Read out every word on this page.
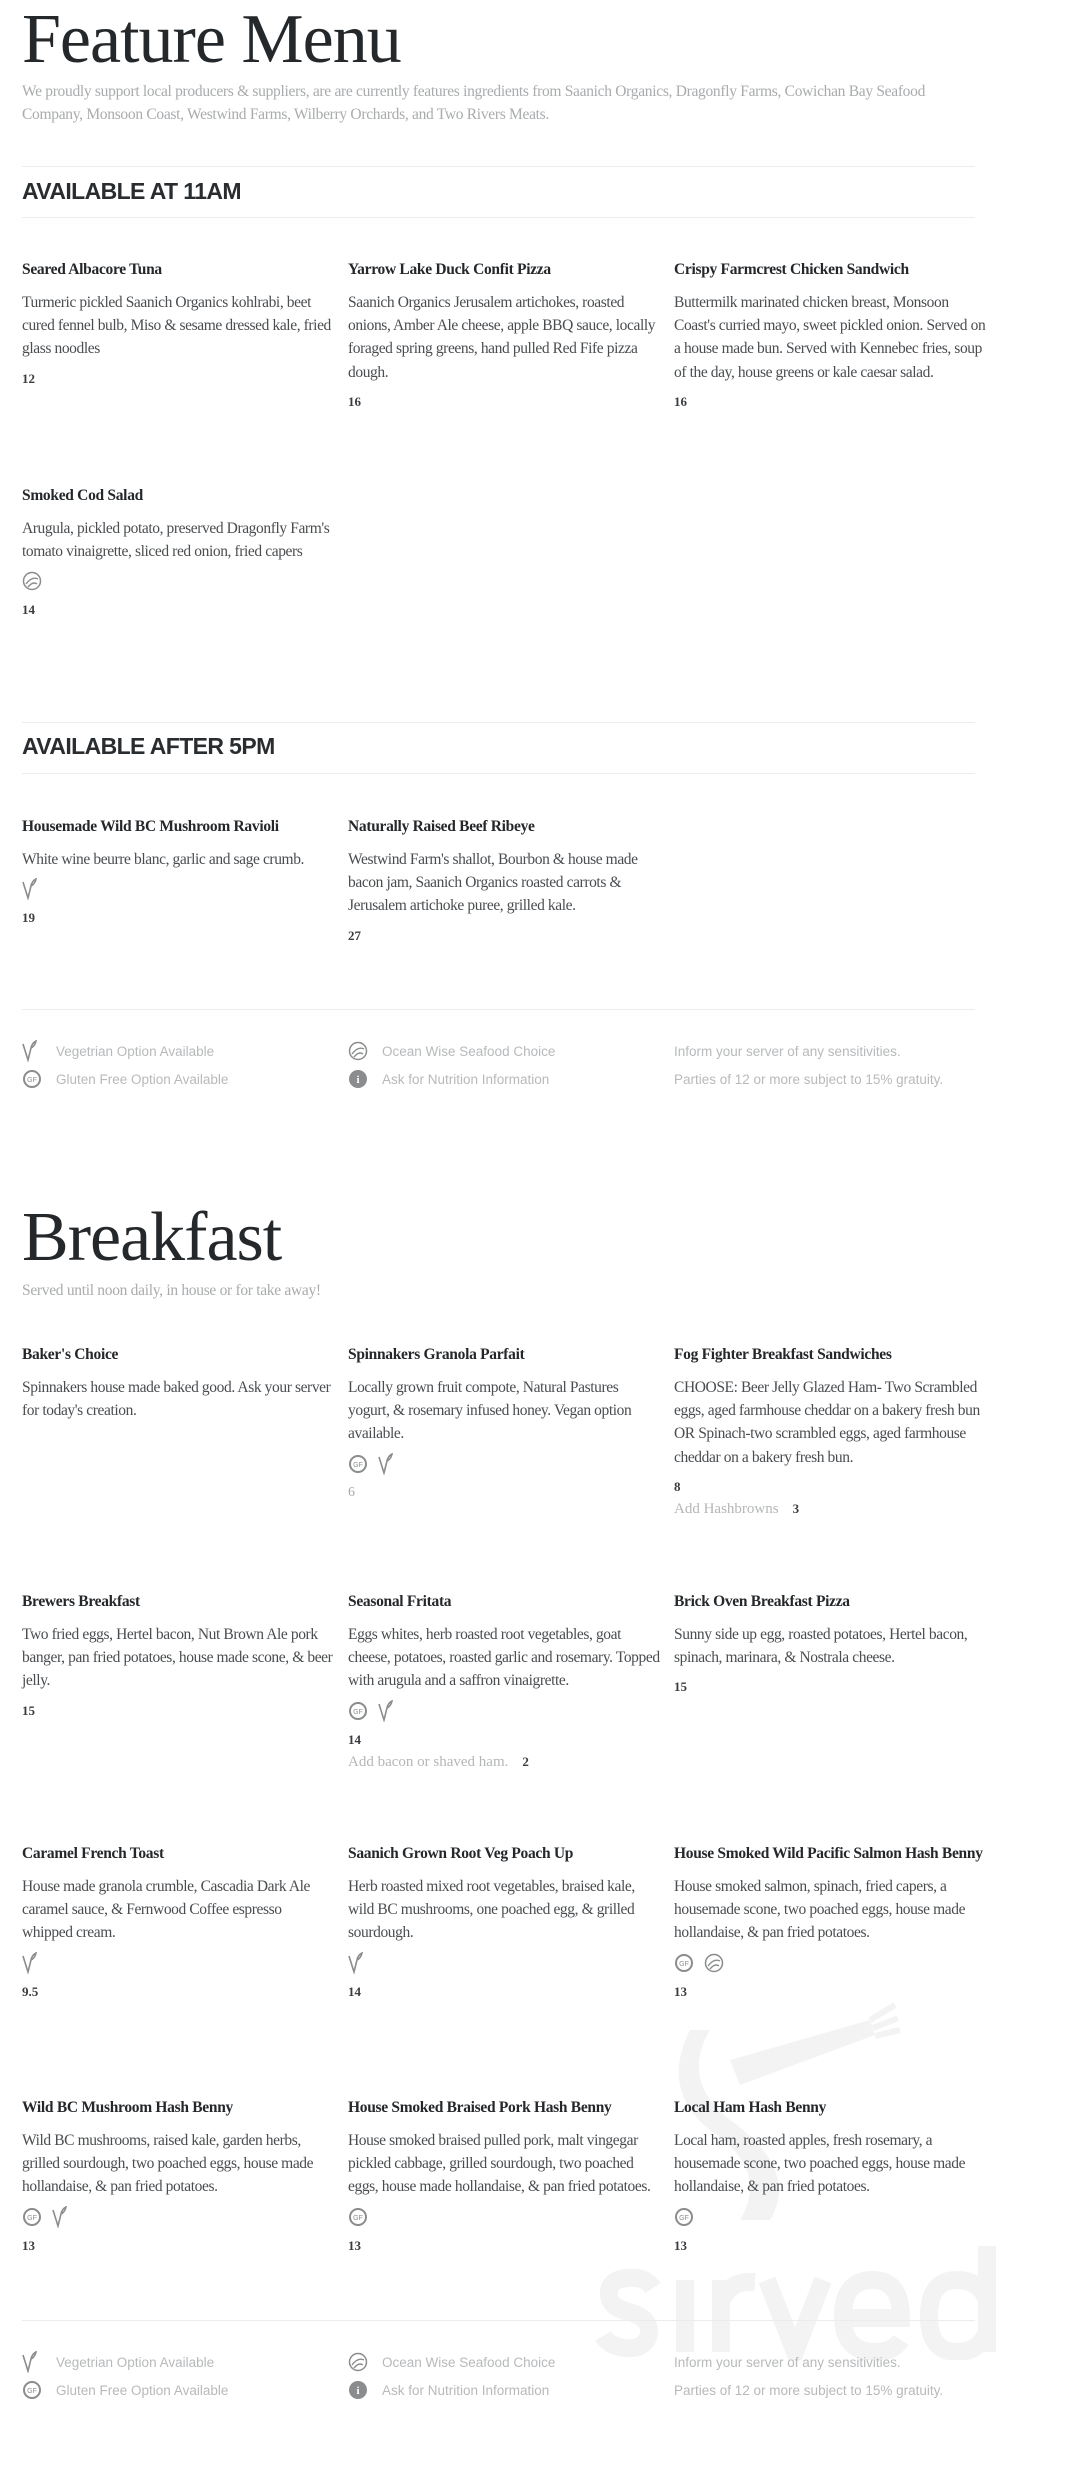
Feature Menu
We proudly support local producers & suppliers, are are currently features ingredients from Saanich Organics, Dragonfly Farms, Cowichan Bay Seafood Company, Monsoon Coast, Westwind Farms, Wilberry Orchards, and Two Rivers Meats.
AVAILABLE AT 11AM
Seared Albacore Tuna
Turmeric pickled Saanich Organics kohlrabi, beet cured fennel bulb, Miso & sesame dressed kale, fried glass noodles
12
Yarrow Lake Duck Confit Pizza
Saanich Organics Jerusalem artichokes, roasted onions, Amber Ale cheese, apple BBQ sauce, locally foraged spring greens, hand pulled Red Fife pizza dough.
16
Crispy Farmcrest Chicken Sandwich
Buttermilk marinated chicken breast, Monsoon Coast's curried mayo, sweet pickled onion. Served on a house made bun. Served with Kennebec fries, soup of the day, house greens or kale caesar salad.
16
Smoked Cod Salad
Arugula, pickled potato, preserved Dragonfly Farm's tomato vinaigrette, sliced red onion, fried capers
14
AVAILABLE AFTER 5PM
Housemade Wild BC Mushroom Ravioli
White wine beurre blanc, garlic and sage crumb.
19
Naturally Raised Beef Ribeye
Westwind Farm's shallot, Bourbon & house made bacon jam, Saanich Organics roasted carrots & Jerusalem artichoke puree, grilled kale.
27
Vegetrian Option Available
GF Gluten Free Option Available
Ocean Wise Seafood Choice
i Ask for Nutrition Information
Inform your server of any sensitivities.
Parties of 12 or more subject to 15% gratuity.
Breakfast
Served until noon daily, in house or for take away!
Baker's Choice
Spinnakers house made baked good. Ask your server for today's creation.
Spinnakers Granola Parfait
Locally grown fruit compote, Natural Pastures yogurt, & rosemary infused honey. Vegan option available.
GF
6
Fog Fighter Breakfast Sandwiches
CHOOSE: Beer Jelly Glazed Ham- Two Scrambled eggs, aged farmhouse cheddar on a bakery fresh bun OR Spinach-two scrambled eggs, aged farmhouse cheddar on a bakery fresh bun.
8
Add Hashbrowns 3
Brewers Breakfast
Two fried eggs, Hertel bacon, Nut Brown Ale pork banger, pan fried potatoes, house made scone, & beer jelly.
15
Seasonal Fritata
Eggs whites, herb roasted root vegetables, goat cheese, potatoes, roasted garlic and rosemary. Topped with arugula and a saffron vinaigrette.
GF
14
Add bacon or shaved ham. 2
Brick Oven Breakfast Pizza
Sunny side up egg, roasted potatoes, Hertel bacon, spinach, marinara, & Nostrala cheese.
15
Caramel French Toast
House made granola crumble, Cascadia Dark Ale caramel sauce, & Fernwood Coffee espresso whipped cream.
9.5
Saanich Grown Root Veg Poach Up
Herb roasted mixed root vegetables, braised kale, wild BC mushrooms, one poached egg, & grilled sourdough.
14
House Smoked Wild Pacific Salmon Hash Benny
House smoked salmon, spinach, fried capers, a housemade scone, two poached eggs, house made hollandaise, & pan fried potatoes.
GF
13
Wild BC Mushroom Hash Benny
Wild BC mushrooms, raised kale, garden herbs, grilled sourdough, two poached eggs, house made hollandaise, & pan fried potatoes.
GF
13
House Smoked Braised Pork Hash Benny
House smoked braised pulled pork, malt vingegar pickled cabbage, grilled sourdough, two poached eggs, house made hollandaise, & pan fried potatoes.
GF
13
Local Ham Hash Benny
Local ham, roasted apples, fresh rosemary, a housemade scone, two poached eggs, house made hollandaise, & pan fried potatoes.
GF
13
Vegetrian Option Available
GF Gluten Free Option Available
Ocean Wise Seafood Choice
i Ask for Nutrition Information
Inform your server of any sensitivities.
Parties of 12 or more subject to 15% gratuity.
